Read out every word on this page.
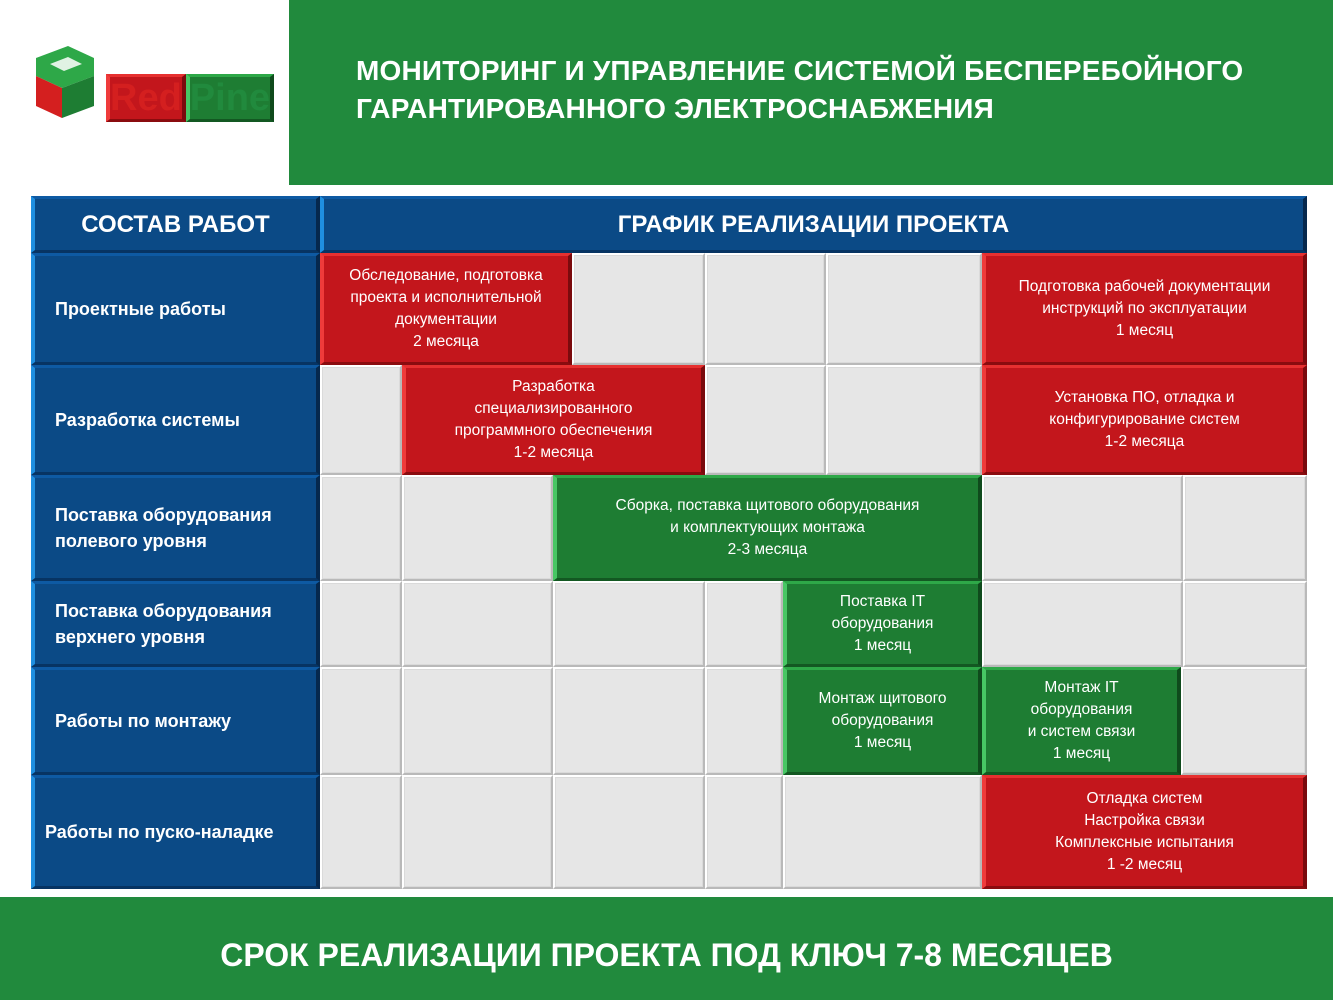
Red Pine
МОНИТОРИНГ И УПРАВЛЕНИЕ СИСТЕМОЙ БЕСПЕРЕБОЙНОГО
ГАРАНТИРОВАННОГО ЭЛЕКТРОСНАБЖЕНИЯ
СОСТАВ РАБОТ	ГРАФИК РЕАЛИЗАЦИИ ПРОЕКТА
Проектные работы
Разработка системы
Поставка оборудования
полевого уровня
Поставка оборудования
верхнего уровня
Работы по монтажу
Работы по пуско-наладке
Обследование, подготовка
проекта и исполнительной
документации
2 месяца
Подготовка рабочей документации
инструкций по эксплуатации
1 месяц
Разработка
специализированного
программного обеспечения
1-2 месяца
Установка ПО, отладка и
конфигурирование систем
1-2 месяца
Сборка, поставка щитового оборудования
и комплектующих монтажа
2-3 месяца
Поставка IT
оборудования
1 месяц
Монтаж щитового
оборудования
1 месяц
Монтаж IT
оборудования
и систем связи
1 месяц
Отладка систем
Настройка связи
Комплексные испытания
1 -2 месяц
СРОК РЕАЛИЗАЦИИ ПРОЕКТА ПОД КЛЮЧ 7-8 МЕСЯЦЕВ
